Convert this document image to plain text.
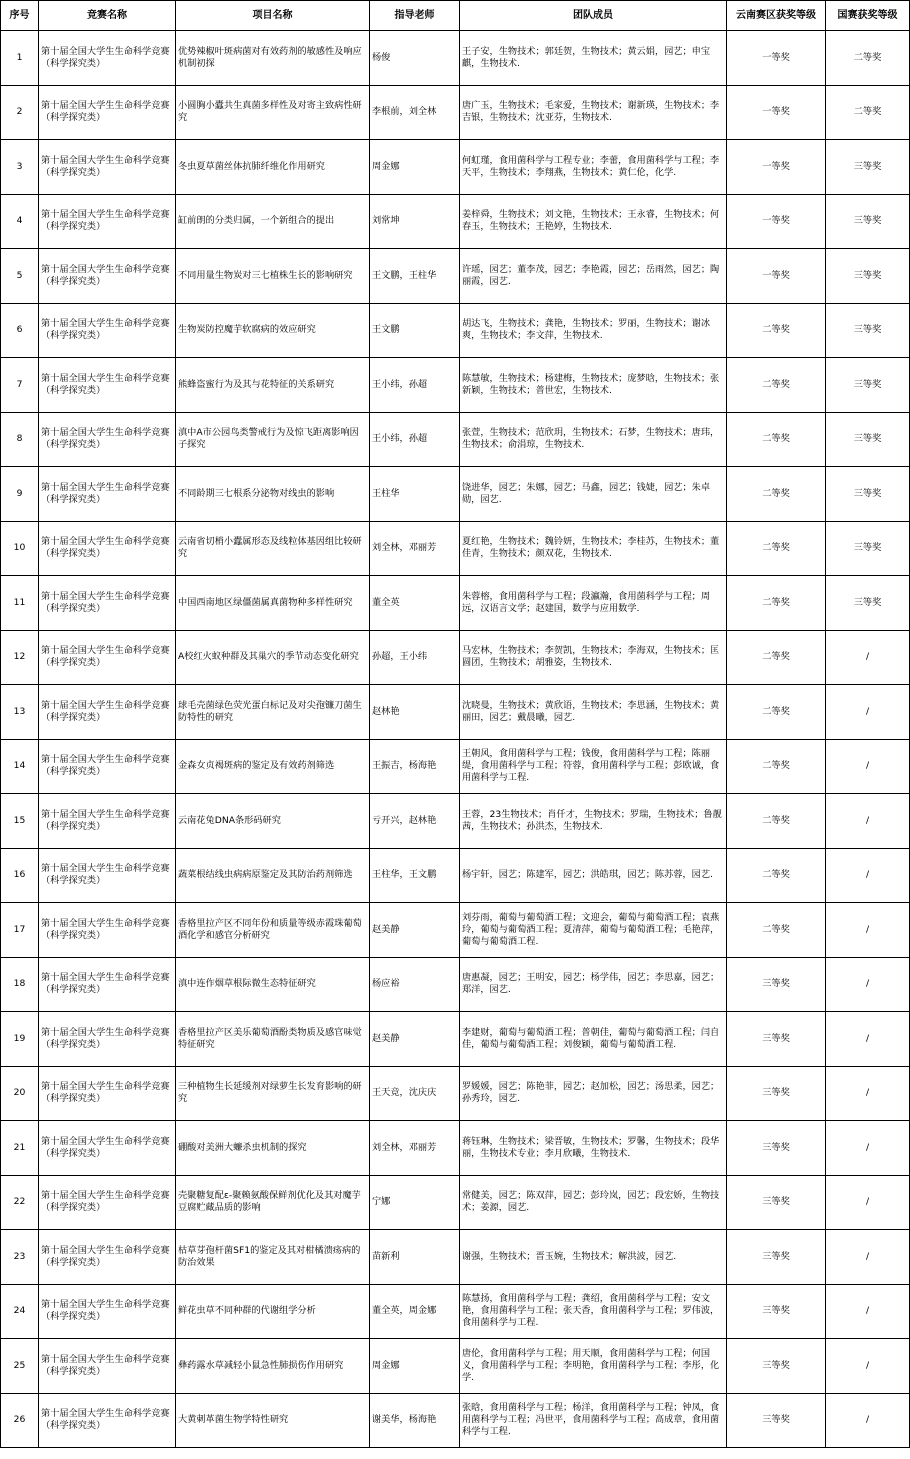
序号	竞赛名称	项目名称	指导老师	团队成员	云南赛区获奖等级	国赛获奖等级
1	第十届全国大学生生命科学竞赛（科学探究类）	优势辣椒叶斑病菌对有效药剂的敏感性及响应机制初探	杨俊	王子安，生物技术；郭廷贺，生物技术；黄云娟，园艺；申宝麒，生物技术.	一等奖	二等奖
2	第十届全国大学生生命科学竞赛（科学探究类）	小圆胸小蠹共生真菌多样性及对寄主致病性研究	李根前，刘全林	唐广玉，生物技术；毛家爱，生物技术；谢新瑛，生物技术；李吉银，生物技术；沈亚芬，生物技术.	一等奖	二等奖
3	第十届全国大学生生命科学竞赛（科学探究类）	冬虫夏草菌丝体抗肺纤维化作用研究	周金娜	何虹瑾，食用菌科学与工程专业；李蕾，食用菌科学与工程；李天平，生物技术；李翔燕，生物技术；黄仁伦，化学.	一等奖	三等奖
4	第十届全国大学生生命科学竞赛（科学探究类）	缸前朗的分类归属，一个新组合的提出	刘常坤	姜梓舜，生物技术；刘文艳，生物技术；王永睿，生物技术；何春玉，生物技术；王艳婷，生物技术.	一等奖	三等奖
5	第十届全国大学生生命科学竞赛（科学探究类）	不同用量生物炭对三七植株生长的影响研究	王文鹏，王柱华	许瑶，园艺；董李茂，园艺；李艳霞，园艺；岳雨然，园艺；陶丽霞，园艺.	一等奖	三等奖
6	第十届全国大学生生命科学竞赛（科学探究类）	生物炭防控魔芋软腐病的效应研究	王文鹏	胡达飞，生物技术；龚艳，生物技术；罗丽，生物技术；谢冰爽，生物技术；李文萍，生物技术.	二等奖	三等奖
7	第十届全国大学生生命科学竞赛（科学探究类）	熊蜂盗蜜行为及其与花特征的关系研究	王小纬，孙超	陈慧敏，生物技术；杨建梅，生物技术；庞梦晗，生物技术；张新颖，生物技术；普世宏，生物技术.	二等奖	三等奖
8	第十届全国大学生生命科学竞赛（科学探究类）	滇中A市公园鸟类警戒行为及惊飞距离影响因子探究	王小纬，孙超	张萱，生物技术；范欣玥，生物技术；石梦，生物技术；唐玮，生物技术；俞涓琼，生物技术.	二等奖	三等奖
9	第十届全国大学生生命科学竞赛（科学探究类）	不同龄期三七根系分泌物对线虫的影响	王柱华	饶进华，园艺；朱娜，园艺；马鑫，园艺；钱婕，园艺；朱卓勋，园艺.	二等奖	三等奖
10	第十届全国大学生生命科学竞赛（科学探究类）	云南省切梢小蠹属形态及线粒体基因组比较研究	刘全林，邓丽芳	夏红艳，生物技术；魏铃妍，生物技术；李桂苏，生物技术；董佳青，生物技术；颜双花，生物技术.	二等奖	三等奖
11	第十届全国大学生生命科学竞赛（科学探究类）	中国西南地区绿僵菌属真菌物种多样性研究	董全英	朱蓉榕，食用菌科学与工程；段瀛瀚，食用菌科学与工程；周远，汉语言文学；赵建国，数学与应用数学.	二等奖	三等奖
12	第十届全国大学生生命科学竞赛（科学探究类）	A校红火蚁种群及其巢穴的季节动态变化研究	孙超，王小纬	马宏林，生物技术；李贺凯，生物技术；李海双，生物技术；匡圆团，生物技术；胡雅姿，生物技术.	二等奖	/
13	第十届全国大学生生命科学竞赛（科学探究类）	球毛壳菌绿色荧光蛋白标记及对尖孢镰刀菌生防特性的研究	赵林艳	沈晓曼，生物技术；黄欣语，生物技术；李思涵，生物技术；黄丽田，园艺；戴晨曦，园艺.	二等奖	/
14	第十届全国大学生生命科学竞赛（科学探究类）	金森女贞褐斑病的鉴定及有效药剂筛选	王振吉，杨海艳	王朝风，食用菌科学与工程；钱俊，食用菌科学与工程；陈丽缇，食用菌科学与工程；符蓉，食用菌科学与工程；彭欧诚，食用菌科学与工程.	二等奖	/
15	第十届全国大学生生命科学竞赛（科学探究类）	云南花兔DNA条形码研究	亏开兴，赵林艳	王蓉，23生物技术；肖仟才，生物技术；罗瑞，生物技术；鲁靓茜，生物技术；孙洪杰，生物技术.	二等奖	/
16	第十届全国大学生生命科学竞赛（科学探究类）	蔬菜根结线虫病病原鉴定及其防治药剂筛选	王柱华，王文鹏	杨宇轩，园艺；陈建军，园艺；洪皓琪，园艺；陈苏蓉，园艺.	二等奖	/
17	第十届全国大学生生命科学竞赛（科学探究类）	香格里拉产区不同年份和质量等级赤霞珠葡萄酒化学和感官分析研究	赵美静	刘芬雨，葡萄与葡萄酒工程；文迎会，葡萄与葡萄酒工程；袁燕玲，葡萄与葡萄酒工程；夏清萍，葡萄与葡萄酒工程；毛艳萍，葡萄与葡萄酒工程.	二等奖	/
18	第十届全国大学生生命科学竞赛（科学探究类）	滇中连作烟草根际微生态特征研究	杨应裕	唐惠凝，园艺；王明安，园艺；杨学伟，园艺；李思嘉，园艺；郑洋，园艺.	三等奖	/
19	第十届全国大学生生命科学竞赛（科学探究类）	香格里拉产区美乐葡萄酒酚类物质及感官味觉特征研究	赵美静	李建财，葡萄与葡萄酒工程；普朝佳，葡萄与葡萄酒工程；闫自佳，葡萄与葡萄酒工程；刘俊颖，葡萄与葡萄酒工程.	三等奖	/
20	第十届全国大学生生命科学竞赛（科学探究类）	三种植物生长延缓剂对绿萝生长发育影响的研究	王天竞，沈庆庆	罗媛媛，园艺；陈艳菲，园艺；赵加松，园艺；汤思柔，园艺；孙秀玲，园艺.	三等奖	/
21	第十届全国大学生生命科学竞赛（科学探究类）	硼酸对美洲大蠊杀虫机制的探究	刘全林，邓丽芳	蒋钰琳，生物技术；梁晋敏，生物技术；罗馨，生物技术；段华丽，生物技术专业；李月欣曦，生物技术.	三等奖	/
22	第十届全国大学生生命科学竞赛（科学探究类）	壳聚糖复配ε-聚赖氨酸保鲜剂优化及其对魔芋豆腐贮藏品质的影响	宁娜	常健美，园艺；陈双萍，园艺；彭玲岚，园艺；段宏娇，生物技术；姜源，园艺.	三等奖	/
23	第十届全国大学生生命科学竞赛（科学探究类）	枯草芽孢杆菌SF1的鉴定及其对柑橘溃疡病的防治效果	苗新利	谢强，生物技术；晋玉婉，生物技术；解洪波，园艺.	三等奖	/
24	第十届全国大学生生命科学竞赛（科学探究类）	鲜花虫草不同种群的代谢组学分析	董全英，周金娜	陈慧扬，食用菌科学与工程；龚绍，食用菌科学与工程；安文艳，食用菌科学与工程；张天香，食用菌科学与工程；罗伟波，食用菌科学与工程.	三等奖	/
25	第十届全国大学生生命科学竞赛（科学探究类）	彝药露水草减轻小鼠急性肺损伤作用研究	周金娜	唐伦，食用菌科学与工程；用天顺，食用菌科学与工程；何国义，食用菌科学与工程；李明艳，食用菌科学与工程；李彤，化学.	三等奖	/
26	第十届全国大学生生命科学竞赛（科学探究类）	大黄刺革菌生物学特性研究	谢美华，杨海艳	张晗，食用菌科学与工程；杨洋，食用菌科学与工程；钟凤，食用菌科学与工程；冯世平，食用菌科学与工程；高成章，食用菌科学与工程.	三等奖	/
